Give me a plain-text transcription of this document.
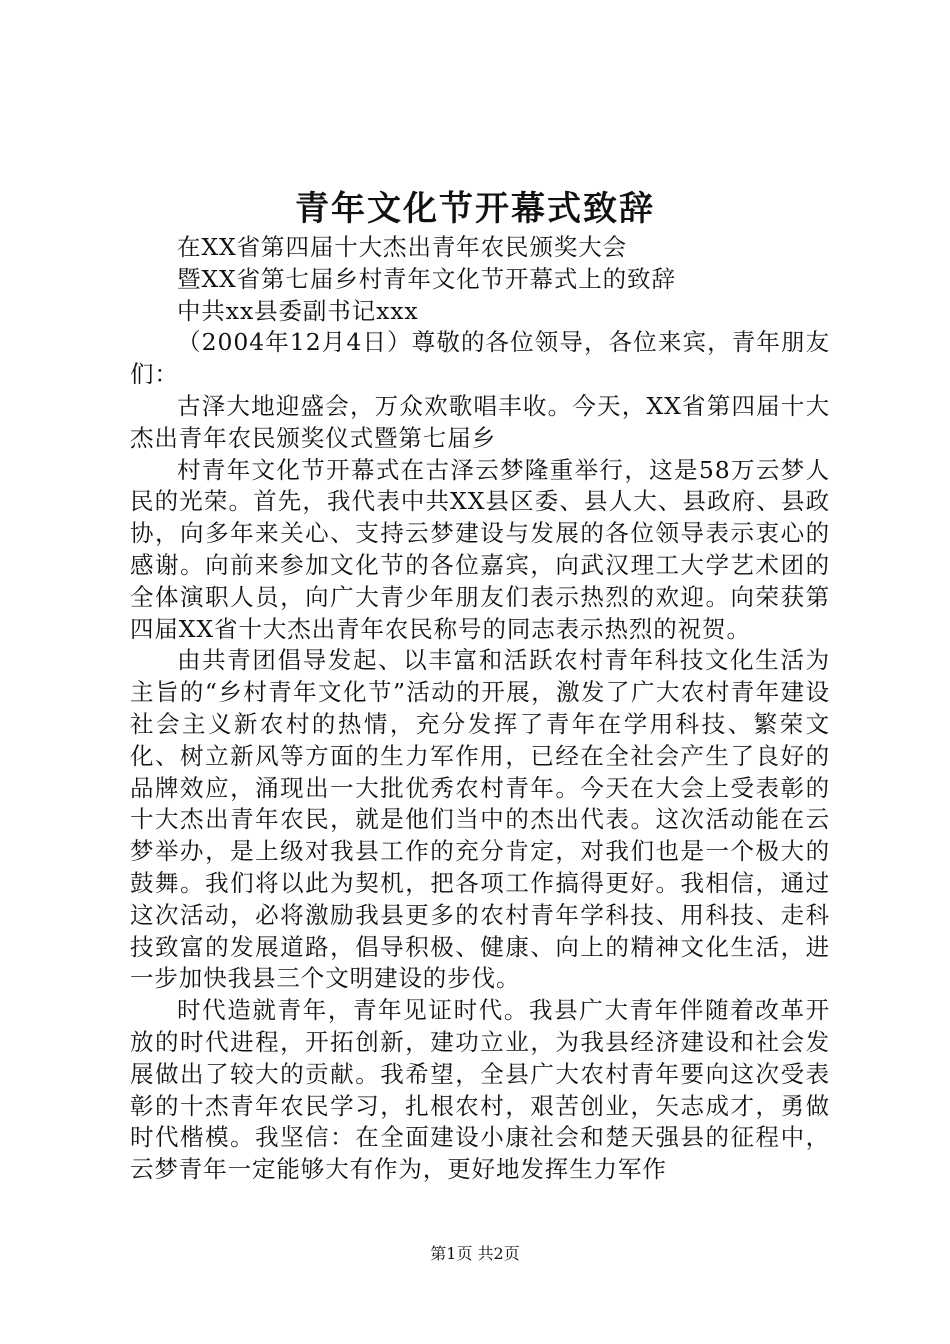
青年文化节开幕式致辞

在XX省第四届十大杰出青年农民颁奖大会

暨XX省第七届乡村青年文化节开幕式上的致辞

中共xx县委副书记xxx

（2004年12月4日）尊敬的各位领导，各位来宾，青年朋友们：

古泽大地迎盛会，万众欢歌唱丰收。今天，XX省第四届十大杰出青年农民颁奖仪式暨第七届乡

村青年文化节开幕式在古泽云梦隆重举行，这是58万云梦人民的光荣。首先，我代表中共XX县区委、县人大、县政府、县政协，向多年来关心、支持云梦建设与发展的各位领导表示衷心的感谢。向前来参加文化节的各位嘉宾，向武汉理工大学艺术团的全体演职人员，向广大青少年朋友们表示热烈的欢迎。向荣获第四届XX省十大杰出青年农民称号的同志表示热烈的祝贺。

由共青团倡导发起、以丰富和活跃农村青年科技文化生活为主旨的“乡村青年文化节”活动的开展，激发了广大农村青年建设社会主义新农村的热情，充分发挥了青年在学用科技、繁荣文化、树立新风等方面的生力军作用，已经在全社会产生了良好的品牌效应，涌现出一大批优秀农村青年。今天在大会上受表彰的十大杰出青年农民，就是他们当中的杰出代表。这次活动能在云梦举办，是上级对我县工作的充分肯定，对我们也是一个极大的鼓舞。我们将以此为契机，把各项工作搞得更好。我相信，通过这次活动，必将激励我县更多的农村青年学科技、用科技、走科技致富的发展道路，倡导积极、健康、向上的精神文化生活，进一步加快我县三个文明建设的步伐。

时代造就青年，青年见证时代。我县广大青年伴随着改革开放的时代进程，开拓创新，建功立业，为我县经济建设和社会发展做出了较大的贡献。我希望，全县广大农村青年要向这次受表彰的十杰青年农民学习，扎根农村，艰苦创业，矢志成才，勇做时代楷模。我坚信：在全面建设小康社会和楚天强县的征程中，云梦青年一定能够大有作为，更好地发挥生力军作

第1页 共2页
